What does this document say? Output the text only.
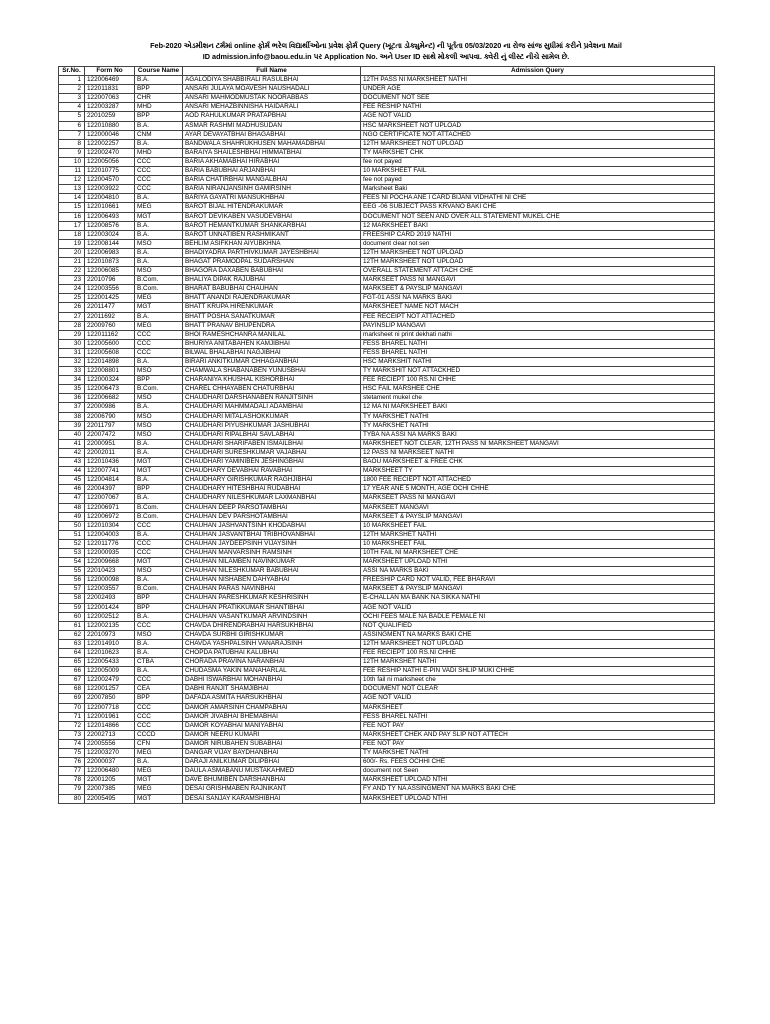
Feb-2020 એડમીશન ટર્મમાં online ફોર્મ ભરેલ વિદ્યાર્થીઓના પ્રવેશ ફોર્મ Query (ખૂટતા ડોક્યુમેન્ટ) ની પૂર્તતા 05/03/2020 ના રોજ સાંજ સુધીમાં કરીને પ્રવેશના Mail
ID admission.info@baou.edu.in પર Application No. અને User ID સાથે મોકલી આપવા. ક્વેરી નું લીસ્ટ નીચે સામેલ છે.
Sr.No.	Form No	Course Name	Full Name	Admission Query
1	122006469	B.A.	AGALODIYA SHABBIRALI RASULBHAI	12TH PASS NI MARKSHEET NATHI
2	122011831	BPP	ANSARI JULAYA MOAVESH NAUSHADALI	UNDER AGE
3	122007063	CHR	ANSARI MAHMODMUSTAK NOORABBAS	DOCUMENT NOT SEE
4	122003287	MHD	ANSARI MEHAZBINNISHA HAIDARALI	FEE RESHIP NATHI
5	22010259	BPP	AOD RAHULKUMAR PRATAPBHAI	AGE NOT VALID
6	122010880	B.A.	ASMAR RASHMI MADHUSUDAN	HSC MARKSHEET NOT UPLOAD
7	122000046	CNM	AYAR DEVAYATBHAI BHAGABHAI	NGO CERTIFICATE NOT ATTACHED
8	122002257	B.A.	BANDWALA SHAHRUKHUSEN MAHAMADBHAI	12TH MARKSHEET NOT UPLOAD
9	122002470	MHD	BARAIYA SHAILESHBHAI HIMMATBHAI	TY MARKSHET CHK
10	122005056	CCC	BARIA AKHAMABHAI HIRABHAI	fee not payed
11	122010775	CCC	BARIA BABUBHAI ARJANBHAI	10 MARKSHEET FAIL
12	122004570	CCC	BARIA CHATIRBHAI MANGALBHAI	fee not payed
13	122003922	CCC	BARIA NIRANJANSINH GAMIRSINH	Marksheet Baki
14	122004810	B.A.	BARIYA GAYATRI MANSUKHBHAI	FEES NI POCHA ANE I CARD BIJANI VIDHATHI NI CHE
15	122010661	MEG	BAROT BIJAL HITENDRAKUMAR	EEG -06 SUBJECT PASS KRVANO BAKI CHE
16	122006493	MGT	BAROT DEVIKABEN VASUDEVBHAI	DOCUMENT NOT SEEN AND OVER ALL STATEMENT MUKEL CHE
17	122008576	B.A.	BAROT HEMANTKUMAR SHANKARBHAI	12 MARKSHEET BAKI
18	122003024	B.A.	BAROT UNNATIBEN RASHMIKANT	FREESHIP CARD 2019 NATHI
19	122008144	MSO	BEHLIM ASIFKHAN AIYUBKHNA	document clear not sen
20	122006983	B.A.	BHADIYADRA PARTHIVKUMAR JAYESHBHAI	12TH MARKSHEET NOT UPLOAD
21	122010873	B.A.	BHAGAT PRAMODPAL SUDARSHAN	12TH MARKSHEET NOT UPLOAD
22	122006085	MSO	BHAGORA DAXABEN BABUBHAI	OVERALL STATEMENT ATTACH CHE
23	22010796	B.Com.	BHALIYA DIPAK RAJUBHAI	MARKSEET PASS NI MANGAVI
24	122003556	B.Com.	BHARAT BABUBHAI CHAUHAN	MARKSEET & PAYSLIP MANGAVI
25	122001425	MEG	BHATT ANANDI RAJENDRAKUMAR	FGT-01 ASSI NA MARKS BAKI
26	22011477	MGT	BHATT KRUPA HIRENKUMAR	MARKSHEET NAME NOT MACH
27	22011692	B.A.	BHATT POSHA SANATKUMAR	FEE RECEIPT NOT ATTACHED
28	22009760	MEG	BHATT PRANAV BHUPENDRA	PAYINSLIP MANGAVI
29	122011162	CCC	BHOI RAMESHCHANRA MANILAL	marksheet ni print dekhati nathi
30	122005600	CCC	BHURIYA ANITABAHEN KAMJIBHAI	FESS BHAREL NATHI
31	122005608	CCC	BILWAL BHALABHAI NAGJIBHAI	FESS BHAREL NATHI
32	122014898	B.A.	BIRARI ANKITKUMAR CHHAGANBHAI	HSC MARKSHIT NATHI
33	122008801	MSO	CHAMWALA SHABANABEN YUNUSBHAI	TY MARKSHIT NOT ATTACKHED
34	122000324	BPP	CHARANIYA KHUSHAL KISHORBHAI	FEE RECIEPT 100 RS.NI CHHE
35	122006473	B.Com.	CHAREL CHHAYABEN CHATURBHAI	HSC FAIL MARSHEE CHE
36	122006682	MSO	CHAUDHARI DARSHANABEN RANJITSINH	stetament mukel che
37	22000986	B.A.	CHAUDHARI MAHMMADALI ADAMBHAI	12 MA NI MARKSHEET BAKI
38	22006790	MSO	CHAUDHARI MITALASHOKKUMAR	TY MARKSHET NATHI
39	22011797	MSO	CHAUDHARI PIYUSHKUMAR JASHUBHAI	TY MARKSHET NATHI
40	22007472	MSO	CHAUDHARI RIPALBHAI SAVLABHAI	TYBA NA ASSI NA MARKS BAKI
41	22000951	B.A.	CHAUDHARI SHARIFABEN ISMAILBHAI	MARKSHEET NOT CLEAR, 12TH PASS NI MARKSHEET MANGAVI
42	22002011	B.A.	CHAUDHARI SURESHKUMAR VAJABHAI	12 PASS NI MARKSEET NATHI
43	122010436	MGT	CHAUDHARI YAMINIBEN JESHINGBHAI	BAOU MARKSHEET & FREE CHK
44	122007741	MGT	CHAUDHARY DEVABHAI RAVABHAI	MARKSHEET TY
45	122004814	B.A.	CHAUDHARY GIRISHKUMAR RAGHJIBHAI	1800 FEE RECIEPT NOT ATTACHED
46	22004397	BPP	CHAUDHARY HITESHBHAI RUDABHAI	17 YEAR ANE 5 MONTH, AGE OCHI CHHE
47	122007067	B.A.	CHAUDHARY NILESHKUMAR LAXMANBHAI	MARKSEET PASS NI MANGAVI
48	122006971	B.Com.	CHAUHAN DEEP PARSOTAMBHAI	MARKSEET MANGAVI
49	122006972	B.Com.	CHAUHAN DEV PARSHOTAMBHAI	MARKSEET & PAYSLIP MANGAVI
50	122010304	CCC	CHAUHAN JASHVANTSINH KHODABHAI	10 MARKSHEET FAIL
51	122004003	B.A.	CHAUHAN JASVANTBHAI TRIBHOVANBHAI	12TH MARKSHET NATHI
52	122011776	CCC	CHAUHAN JAYDEEPSINH VIJAYSINH	10 MARKSHEET FAIL
53	122000935	CCC	CHAUHAN MANVARSINH RAMSINH	10TH FAIL NI MARKSHEET CHE
54	122009668	MGT	CHAUHAN NILAMBEN NAVINKUMAR	MARKSHEET UPLOAD NTHI
55	22010423	MSO	CHAUHAN NILESHKUMAR BABUBHAI	ASSI NA MARKS BAKI
56	122000098	B.A.	CHAUHAN NISHABEN DAHYABHAI	FREESHIP CARD NOT VALID, FEE BHARAVI
57	122003557	B.Com.	CHAUHAN PARAS NAVINBHAI	MARKSEET & PAYSLIP MANGAVI
58	22002493	BPP	CHAUHAN PARESHKUMAR KESHRISINH	E-CHALLAN MA BANK NA SIKKA NATHI
59	122001424	BPP	CHAUHAN PRATIKKUMAR SHANTIBHAI	AGE NOT VALID
60	122002512	B.A.	CHAUHAN VASANTKUMAR ARVINDSINH	OCHI FEES MALE NA BADLE FEMALE NI
61	122002135	CCC	CHAVDA DHIRENDRABHAI HARSUKHBHAI	NOT QUALIFIED
62	22010973	MSO	CHAVDA SURBHI GIRISHKUMAR	ASSINGMENT NA MARKS BAKI CHE
63	122014910	B.A.	CHAVDA YASHPALSINH VANARAJSINH	12TH MARKSHEET NOT UPLOAD
64	122010623	B.A.	CHOPDA PATUBHAI KALUBHAI	FEE RECIEPT 100 RS.NI CHHE
65	122005433	CTBA	CHORADA PRAVINA NARANBHAI	12TH MARKSHET NATHI
66	122005009	B.A.	CHUDASMA YAKIN MANAHARLAL	FEE RESHIP NATHI E-PIN VADI SHLIP MUKI CHHE
67	122002479	CCC	DABHI ISWARBHAI MOHANBHAI	10th fail ni marksheet che
68	122001257	CEA	DABHI RANJIT SHAMJIBHAI	DOCUMENT NOT CLEAR
69	22007850	BPP	DAFADA ASMITA HARSUKHBHAI	AGE NOT VALID
70	122007718	CCC	DAMOR AMARSINH CHAMPABHAI	MARKSHEET
71	122001961	CCC	DAMOR JIVABHAI BHEMABHAI	FESS BHAREL NATHI
72	122014866	CCC	DAMOR KOYABHAI MANIYABHAI	FEE NOT PAY
73	22002713	CCCD	DAMOR NEERU KUMARI	MARKSHEET CHEK AND PAY SLIP NOT ATTECH
74	22005556	CFN	DAMOR NIRUBAHEN SUBABHAI	FEE NOT PAY
75	122003270	MEG	DANGAR VIJAY BAYDHANBHAI	TY MARKSHET NATHI
76	22000037	B.A.	DARAJI ANILKUMAR DILIPBHAI	600/- Rs. FEES OCHHI CHE
77	122006480	MEG	DAULA ASMABANU MUSTAKAHMED	document not Seen
78	22001205	MGT	DAVE BHUMIBEN DARSHANBHAI	MARKSHEET UPLOAD NTHI
79	22007385	MEG	DESAI GRISHMABEN RAJNIKANT	FY AND TY NA ASSINGMENT NA MARKS BAKI CHE
80	22005495	MGT	DESAI SANJAY KARAMSHIBHAI	MARKSHEET UPLOAD NTHI
